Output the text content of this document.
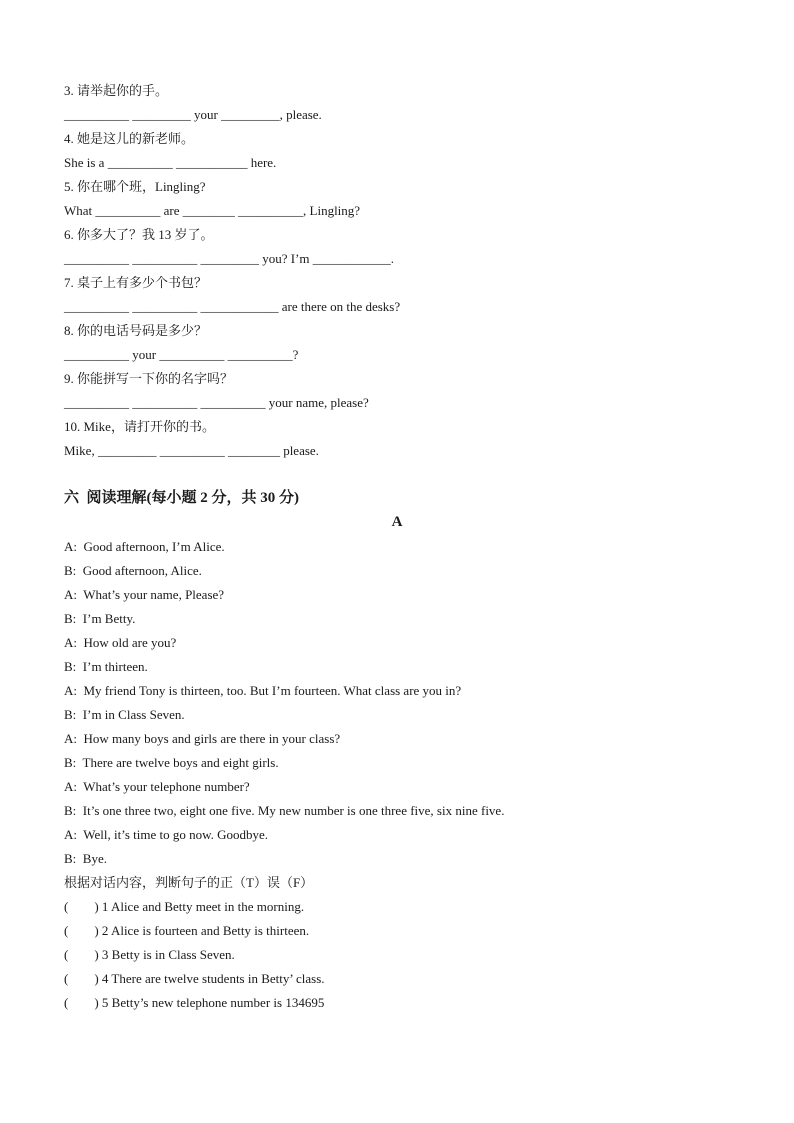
3. 请举起你的手。
__________ _________ your _________, please.
4. 她是这儿的新老师。
She is a __________ ___________ here.
5. 你在哪个班，Lingling?
What __________ are ________ __________, Lingling?
6. 你多大了？我 13 岁了。
__________ __________ _________ you? I’m ____________.
7. 桌子上有多少个书包？
__________ __________ ____________ are there on the desks?
8. 你的电话号码是多少？
__________ your __________ __________?
9. 你能拼写一下你的名字吗？
__________ __________ __________ your name, please?
10. Mike，请打开你的书。
Mike, _________ __________ ________ please.
六  阅读理解(每小题 2 分，共 30 分)
A
A:  Good afternoon, I’m Alice.
B:  Good afternoon, Alice.
A:  What’s your name, Please?
B:  I’m Betty.
A:  How old are you?
B:  I’m thirteen.
A:  My friend Tony is thirteen, too. But I’m fourteen. What class are you in?
B:  I’m in Class Seven.
A:  How many boys and girls are there in your class?
B:  There are twelve boys and eight girls.
A:  What’s your telephone number?
B:  It’s one three two, eight one five. My new number is one three five, six nine five.
A:  Well, it’s time to go now. Goodbye.
B:  Bye.
根据对话内容，判断句子的正（T）误（F）
(        ) 1 Alice and Betty meet in the morning.
(        ) 2 Alice is fourteen and Betty is thirteen.
(        ) 3 Betty is in Class Seven.
(        ) 4 There are twelve students in Betty’ class.
(        ) 5 Betty’s new telephone number is 134695
